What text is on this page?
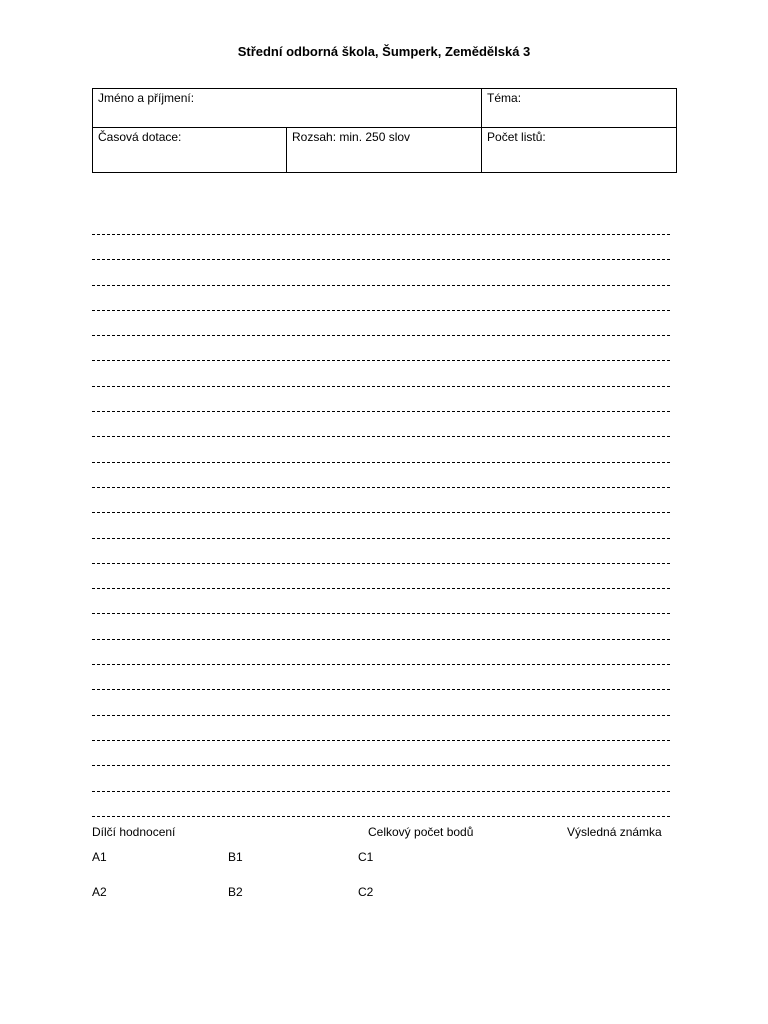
Střední odborná škola, Šumperk, Zemědělská 3
Jméno a příjmení:		Téma:
Časová dotace:	Rozsah: min. 250 slov	Počet listů:
Dílčí hodnocení	Celkový počet bodů	Výsledná známka
A1	B1	C1
A2	B2	C2
